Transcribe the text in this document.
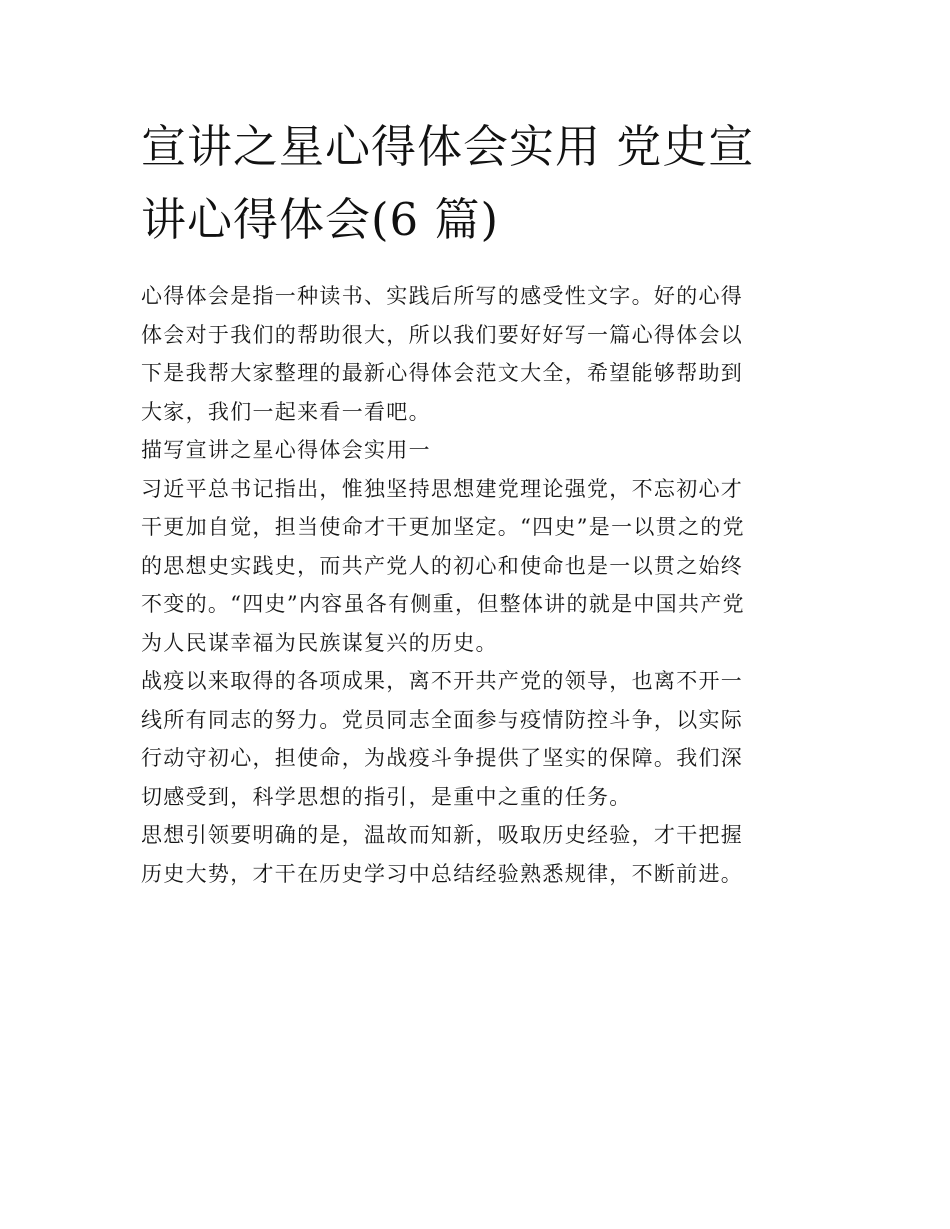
宣讲之星心得体会实用 党史宣
讲心得体会(6 篇)

心得体会是指一种读书、实践后所写的感受性文字。好的心得
体会对于我们的帮助很大，所以我们要好好写一篇心得体会以
下是我帮大家整理的最新心得体会范文大全，希望能够帮助到
大家，我们一起来看一看吧。

描写宣讲之星心得体会实用一

习近平总书记指出，惟独坚持思想建党理论强党，不忘初心才
干更加自觉，担当使命才干更加坚定。“四史”是一以贯之的党
的思想史实践史，而共产党人的初心和使命也是一以贯之始终
不变的。“四史”内容虽各有侧重，但整体讲的就是中国共产党
为人民谋幸福为民族谋复兴的历史。

战疫以来取得的各项成果，离不开共产党的领导，也离不开一
线所有同志的努力。党员同志全面参与疫情防控斗争，以实际
行动守初心，担使命，为战疫斗争提供了坚实的保障。我们深
切感受到，科学思想的指引，是重中之重的任务。

思想引领要明确的是，温故而知新，吸取历史经验，才干把握
历史大势，才干在历史学习中总结经验熟悉规律，不断前进。
